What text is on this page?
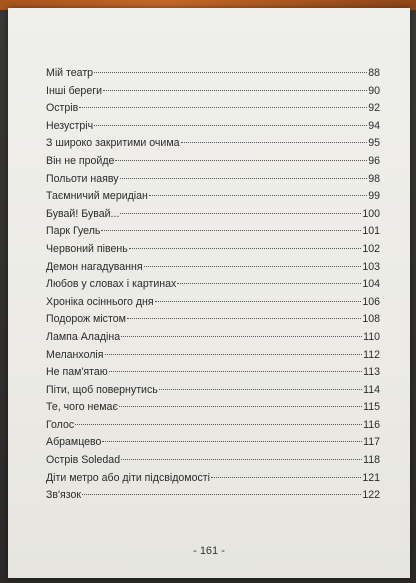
Мій театр	88
Інші береги	90
Острів	92
Незустріч	94
З широко закритими очима	95
Він не пройде	96
Польоти наяву	98
Таємничий меридіан	99
Бувай! Бувай...	100
Парк Гуель	101
Червоний півень	102
Демон нагадування	103
Любов у словах і картинах	104
Хроніка осіннього дня	106
Подорож містом	108
Лампа Аладіна	110
Меланхолія	112
Не пам'ятаю	113
Піти, щоб повернутись	114
Те, чого немає	115
Голос	116
Абрамцево	117
Острів Soledad	118
Діти метро або діти підсвідомості	121
Зв'язок	122
- 161 -
